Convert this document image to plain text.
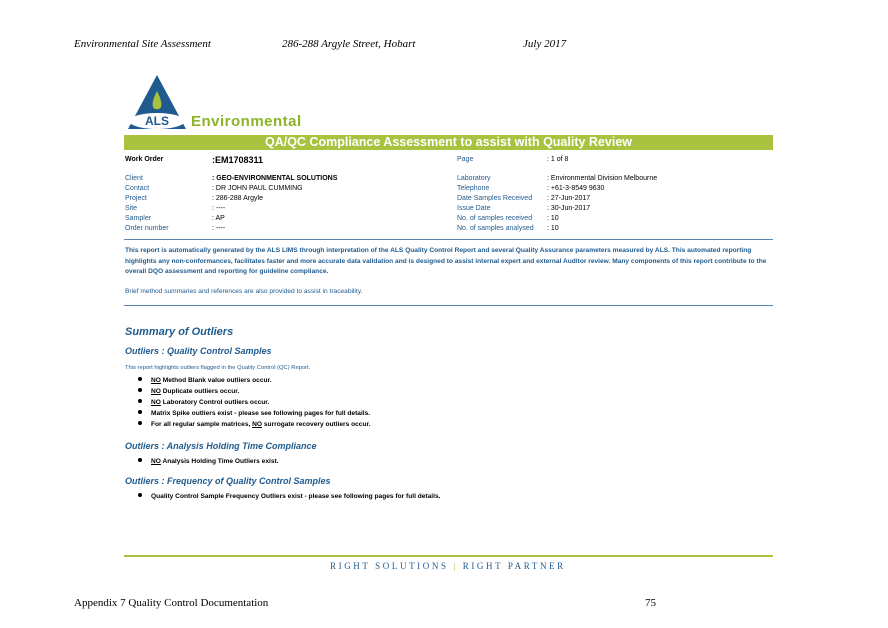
Environmental Site Assessment	286-288 Argyle Street, Hobart	July 2017
ALS Environmental
QA/QC Compliance Assessment to assist with Quality Review
Work Order	:EM1708311
Client	: GEO-ENVIRONMENTAL SOLUTIONS
Contact	: DR JOHN PAUL CUMMING
Project	: 286-288 Argyle
Site	: ----
Sampler	: AP
Order number	: ----
Page	: 1 of 8
Laboratory	: Environmental Division Melbourne
Telephone	: +61-3-8549 9630
Date Samples Received : 27-Jun-2017
Issue Date	: 30-Jun-2017
No. of samples received : 10
No. of samples analysed : 10
This report is automatically generated by the ALS LIMS through interpretation of the ALS Quality Control Report and several Quality Assurance parameters measured by ALS. This automated reporting highlights any non-conformances, facilitates faster and more accurate data validation and is designed to assist internal expert and external Auditor review. Many components of this report contribute to the overall DQO assessment and reporting for guideline compliance.
Brief method summaries and references are also provided to assist in traceability.
Summary of Outliers
Outliers : Quality Control Samples
This report highlights outliers flagged in the Quality Control (QC) Report.
NO Method Blank value outliers occur.
NO Duplicate outliers occur.
NO Laboratory Control outliers occur.
Matrix Spike outliers exist - please see following pages for full details.
For all regular sample matrices, NO surrogate recovery outliers occur.
Outliers : Analysis Holding Time Compliance
NO Analysis Holding Time Outliers exist.
Outliers : Frequency of Quality Control Samples
Quality Control Sample Frequency Outliers exist - please see following pages for full details.
RIGHT SOLUTIONS | RIGHT PARTNER
Appendix 7 Quality Control Documentation	75
